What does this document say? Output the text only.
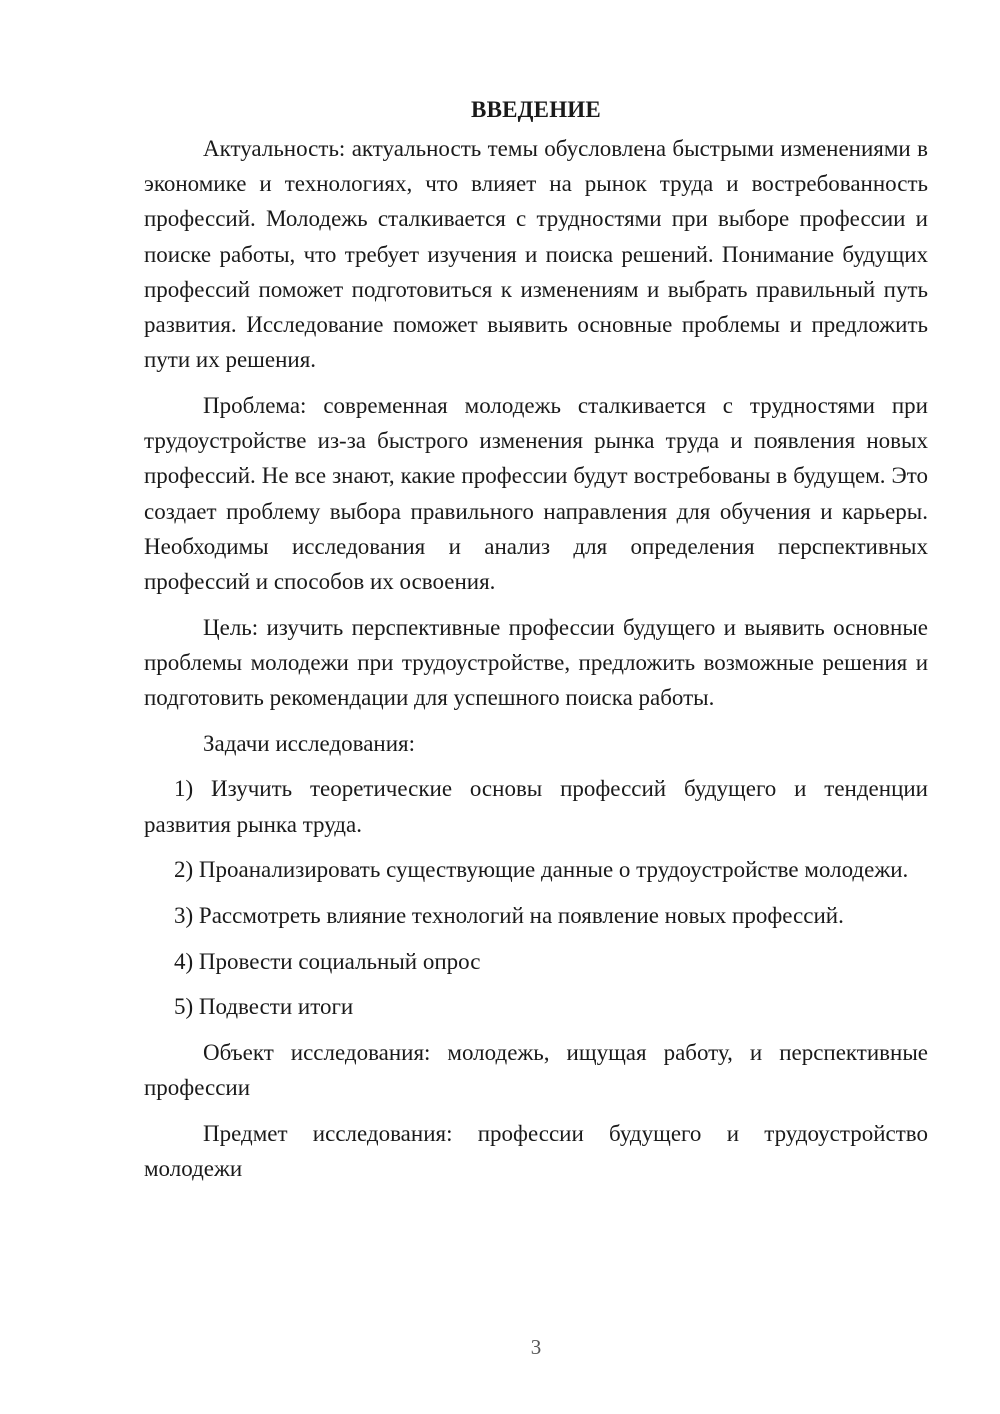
ВВЕДЕНИЕ

Актуальность: актуальность темы обусловлена быстрыми изменениями в экономике и технологиях, что влияет на рынок труда и востребованность профессий. Молодежь сталкивается с трудностями при выборе профессии и поиске работы, что требует изучения и поиска решений. Понимание будущих профессий поможет подготовиться к изменениям и выбрать правильный путь развития. Исследование поможет выявить основные проблемы и предложить пути их решения.

Проблема: современная молодежь сталкивается с трудностями при трудоустройстве из-за быстрого изменения рынка труда и появления новых профессий. Не все знают, какие профессии будут востребованы в будущем. Это создает проблему выбора правильного направления для обучения и карьеры. Необходимы исследования и анализ для определения перспективных профессий и способов их освоения.

Цель: изучить перспективные профессии будущего и выявить основные проблемы молодежи при трудоустройстве, предложить возможные решения и подготовить рекомендации для успешного поиска работы.

Задачи исследования:

1) Изучить теоретические основы профессий будущего и тенденции развития рынка труда.

2) Проанализировать существующие данные о трудоустройстве молодежи.

3) Рассмотреть влияние технологий на появление новых профессий.

4) Провести социальный опрос

5) Подвести итоги

Объект исследования: молодежь, ищущая работу, и перспективные профессии

Предмет исследования: профессии будущего и трудоустройство молодежи

3
